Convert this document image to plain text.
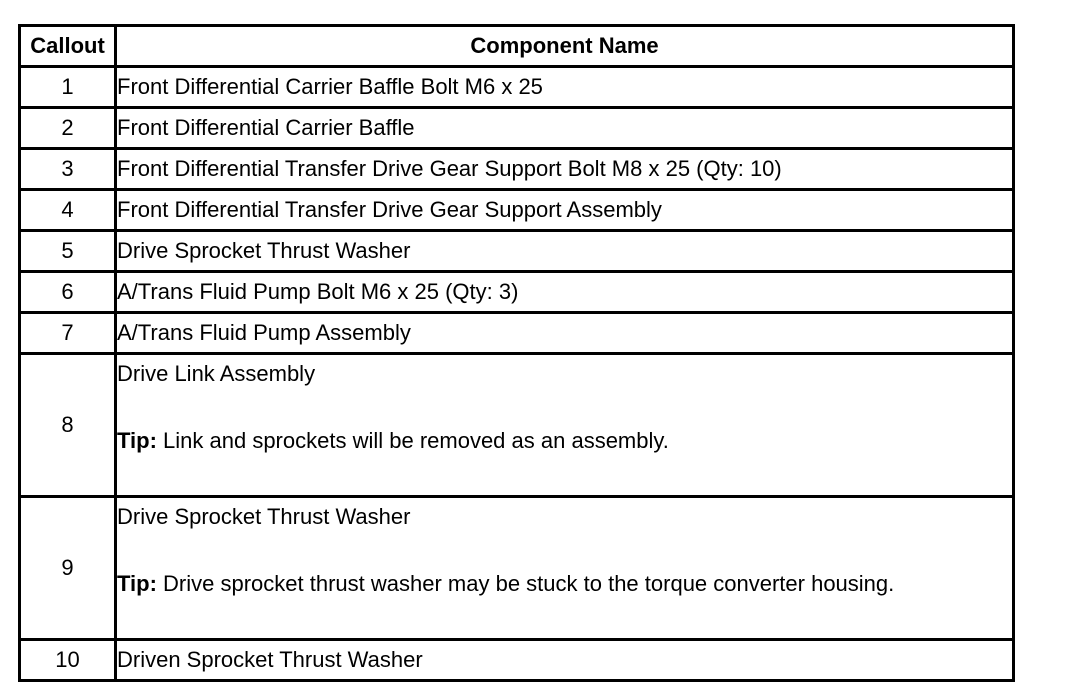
Callout	Component Name
1	Front Differential Carrier Baffle Bolt M6 x 25
2	Front Differential Carrier Baffle
3	Front Differential Transfer Drive Gear Support Bolt M8 x 25 (Qty: 10)
4	Front Differential Transfer Drive Gear Support Assembly
5	Drive Sprocket Thrust Washer
6	A/Trans Fluid Pump Bolt M6 x 25 (Qty: 3)
7	A/Trans Fluid Pump Assembly
8	Drive Link Assembly
Tip: Link and sprockets will be removed as an assembly.

9	Drive Sprocket Thrust Washer
Tip: Drive sprocket thrust washer may be stuck to the torque converter housing.

10	Driven Sprocket Thrust Washer
